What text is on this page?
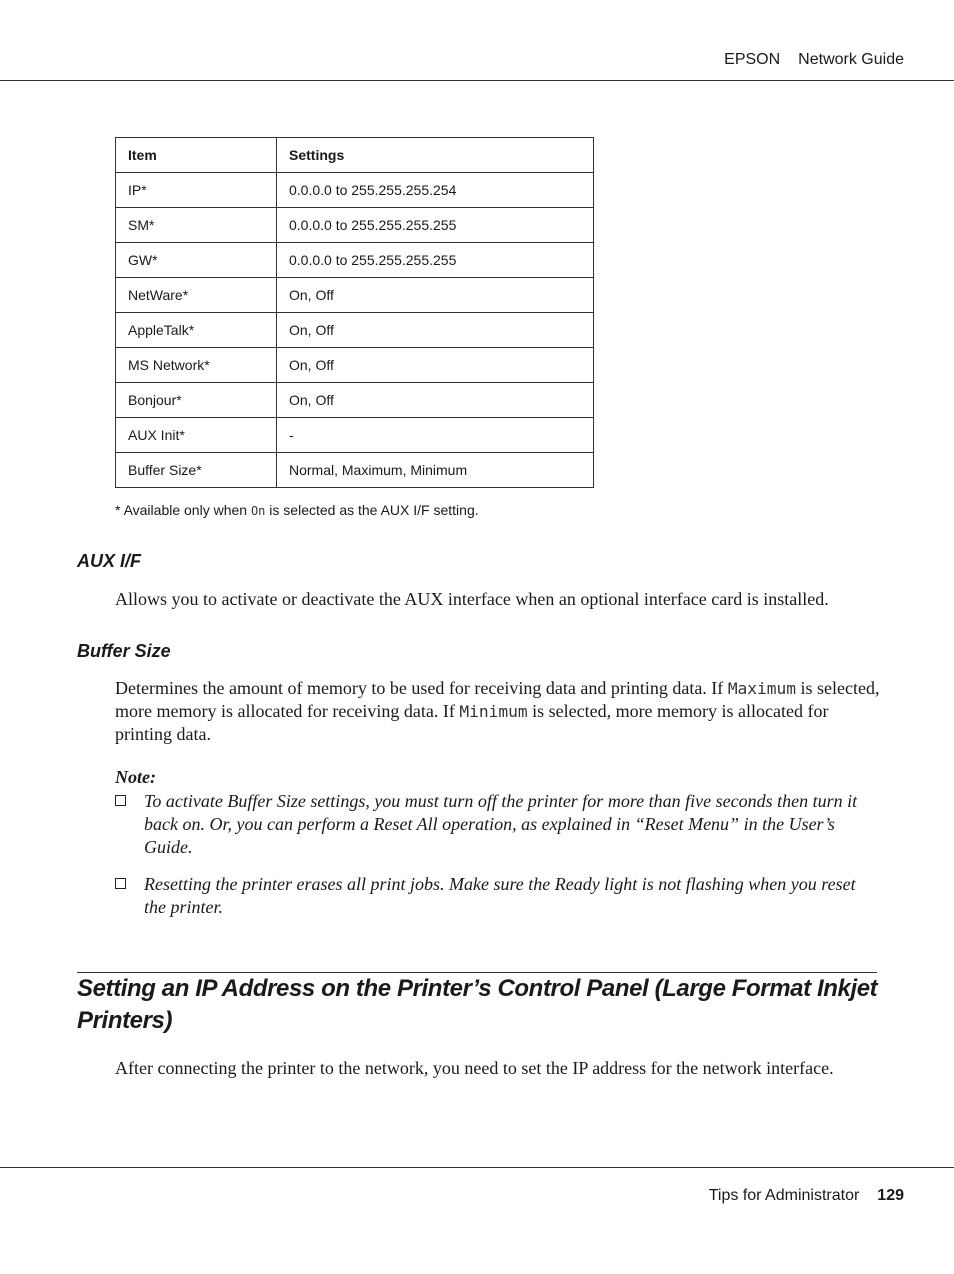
EPSON Network Guide
Item	Settings
IP*	0.0.0.0 to 255.255.255.254
SM*	0.0.0.0 to 255.255.255.255
GW*	0.0.0.0 to 255.255.255.255
NetWare*	On, Off
AppleTalk*	On, Off
MS Network*	On, Off
Bonjour*	On, Off
AUX Init*	-
Buffer Size*	Normal, Maximum, Minimum
* Available only when On is selected as the AUX I/F setting.
AUX I/F

Allows you to activate or deactivate the AUX interface when an optional interface card is installed.

Buffer Size

Determines the amount of memory to be used for receiving data and printing data. If Maximum is selected, more memory is allocated for receiving data. If Minimum is selected, more memory is allocated for printing data.

Note:
To activate Buffer Size settings, you must turn off the printer for more than five seconds then turn it back on. Or, you can perform a Reset All operation, as explained in “Reset Menu” in the User’s Guide.
Resetting the printer erases all print jobs. Make sure the Ready light is not flashing when you reset the printer.
Setting an IP Address on the Printer’s Control Panel (Large Format Inkjet Printers)

After connecting the printer to the network, you need to set the IP address for the network interface.

Tips for Administrator 129
